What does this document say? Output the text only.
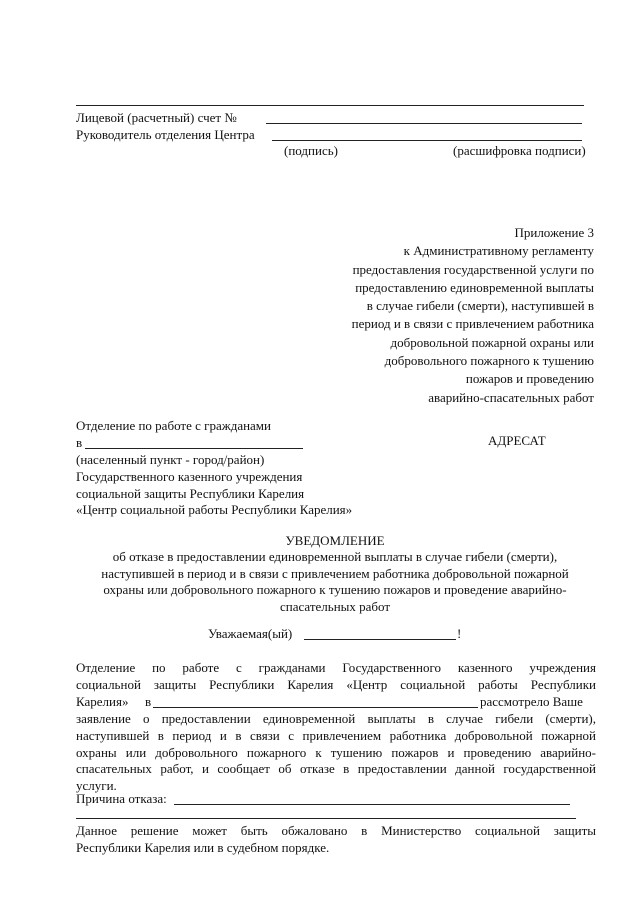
Лицевой (расчетный) счет №
Руководитель отделения Центра
(подпись)	(расшифровка подписи)
Приложение 3
к Административному регламенту
предоставления государственной услуги по
предоставлению единовременной выплаты
в случае гибели (смерти), наступившей в
период и в связи с привлечением работника
добровольной пожарной охраны или
добровольного пожарного к тушению
пожаров и проведению
аварийно-спасательных работ
Отделение по работе с гражданами
в
(населенный пункт - город/район)
Государственного казенного учреждения
социальной защиты Республики Карелия
«Центр социальной работы Республики Карелия»
АДРЕСАТ
УВЕДОМЛЕНИЕ
об отказе в предоставлении единовременной выплаты в случае гибели (смерти),
наступившей в период и в связи с привлечением работника добровольной пожарной
охраны или добровольного пожарного к тушению пожаров и проведение аварийно-
спасательных работ
Уважаемая(ый)	!
Отделение по работе с гражданами Государственного казенного учреждения
социальной защиты Республики Карелия «Центр социальной работы Республики
Карелия» в	рассмотрело Ваше
заявление о предоставлении единовременной выплаты в случае гибели (смерти),
наступившей в период и в связи с привлечением работника добровольной пожарной
охраны или добровольного пожарного к тушению пожаров и проведению аварийно-
спасательных работ, и сообщает об отказе в предоставлении данной государственной
услуги.
Причина отказа:
Данное решение может быть обжаловано в Министерство социальной защиты
Республики Карелия или в судебном порядке.
